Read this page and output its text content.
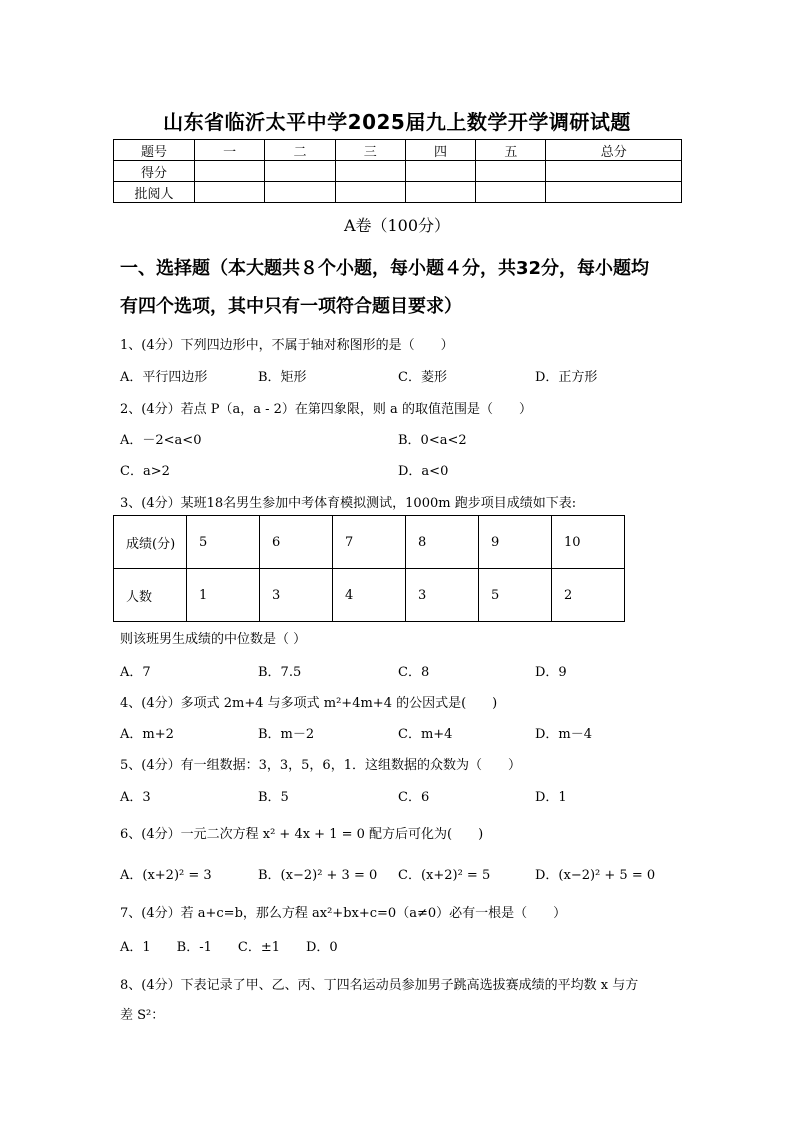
山东省临沂太平中学2025届九上数学开学调研试题
题号	一	二	三	四	五	总分
得分						
批阅人						
A卷（100分）
一、选择题（本大题共８个小题，每小题４分，共32分，每小题均
有四个选项，其中只有一项符合题目要求）
1、(4分）下列四边形中，不属于轴对称图形的是（　　）
A．平行四边形	B．矩形	C．菱形	D．正方形
2、(4分）若点 P（a，a - 2）在第四象限，则 a 的取值范围是（　　）
A．－2<a<0	B．0<a<2
C．a>2	D．a<0
3、(4分）某班18名男生参加中考体育模拟测试，1000m 跑步项目成绩如下表:
成绩(分)	5	6	7	8	9	10
人数	1	3	4	3	5	2
则该班男生成绩的中位数是（ ）
A．7	B．7.5	C．8	D．9
4、(4分）多项式 2m+4 与多项式 m²+4m+4 的公因式是(　　)
A．m+2	B．m－2	C．m+4	D．m－4
5、(4分）有一组数据：3，3，5，6，1．这组数据的众数为（　　）
A．3	B．5	C．6	D．1
6、(4分）一元二次方程 x² + 4x + 1 = 0 配方后可化为(　　)
A．(x+2)² = 3	B．(x−2)² + 3 = 0 C．(x+2)² = 5	D．(x−2)² + 5 = 0
7、(4分）若 a+c=b，那么方程 ax²+bx+c=0（a≠0）必有一根是（　　）
A．1　　B．-1　　C．±1　　D．0
8、(4分）下表记录了甲、乙、丙、丁四名运动员参加男子跳高选拔赛成绩的平均数 x 与方
差 S²：
